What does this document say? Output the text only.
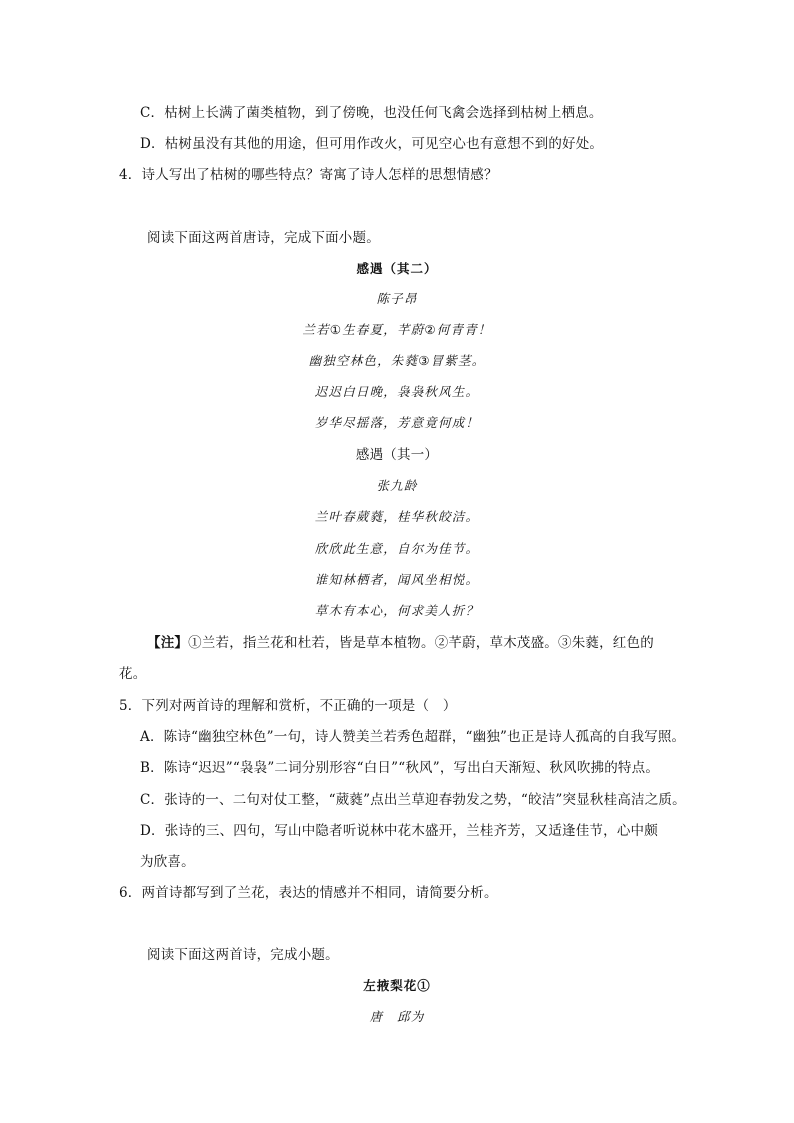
C．枯树上长满了菌类植物，到了傍晚，也没任何飞禽会选择到枯树上栖息。
D．枯树虽没有其他的用途，但可用作改火，可见空心也有意想不到的好处。
4．诗人写出了枯树的哪些特点？寄寓了诗人怎样的思想情感？
阅读下面这两首唐诗，完成下面小题。
感遇（其二）
陈子昂
兰若①生春夏，芊蔚②何青青！
幽独空林色，朱蕤③冒紫茎。
迟迟白日晚，袅袅秋风生。
岁华尽摇落，芳意竟何成！
感遇（其一）
张九龄
兰叶春葳蕤，桂华秋皎洁。
欣欣此生意，自尔为佳节。
谁知林栖者，闻风坐相悦。
草木有本心，何求美人折？
【注】①兰若，指兰花和杜若，皆是草本植物。②芊蔚，草木茂盛。③朱蕤，红色的
花。
5．下列对两首诗的理解和赏析，不正确的一项是（　）
A．陈诗“幽独空林色”一句，诗人赞美兰若秀色超群，“幽独”也正是诗人孤高的自我写照。
B．陈诗“迟迟”“袅袅”二词分别形容“白日”“秋风”，写出白天渐短、秋风吹拂的特点。
C．张诗的一、二句对仗工整，“葳蕤”点出兰草迎春勃发之势，“皎洁”突显秋桂高洁之质。
D．张诗的三、四句，写山中隐者听说林中花木盛开，兰桂齐芳，又适逢佳节，心中颇
为欣喜。
6．两首诗都写到了兰花，表达的情感并不相同，请简要分析。
阅读下面这两首诗，完成小题。
左掖梨花①
唐　邱为
